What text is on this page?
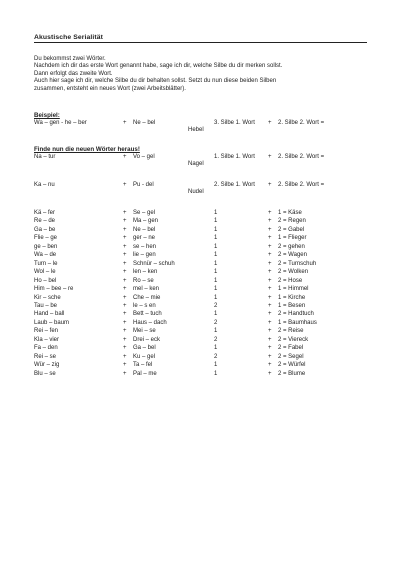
Akustische Serialität
Du bekommst zwei Wörter.
Nachdem ich dir das erste Wort genannt habe, sage ich dir, welche Silbe du dir merken sollst.
Dann erfolgt das zweite Wort.
Auch hier sage ich dir, welche Silbe du dir behalten sollst. Setzt du nun diese beiden Silben
zusammen, entsteht ein neues Wort (zwei Arbeitsblätter).
Beispiel:
Wa – gen - he – ber	+ Ne – bel	3. Silbe 1. Wort + 2. Silbe 2. Wort =
Hebel
Finde nun die neuen Wörter heraus!
Na – tur	+ Vo – gel	1. Silbe 1. Wort + 2. Silbe 2. Wort =
Nagel
Ka – nu	+ Pu - del	2. Silbe 1. Wort + 2. Silbe 2. Wort =
Nudel
Kä – fer	+ Se – gel	1	+ 1 = Käse
Re – de	+ Ma – gen	1	+ 2 = Regen
Ga – be	+ Ne – bel	1	+ 2 = Gabel
Flie – ge	+ ger – ne	1	+ 1 = Flieger
ge – ben	+ se – hen	1	+ 2 = gehen
Wa – de	+ lie – gen	1	+ 2 = Wagen
Turn – le	+ Schnür – schuh	1	+ 2 = Turnschuh
Wol – le	+ len – ken	1	+ 2 = Wolken
Ho – bel	+ Ro – se	1	+ 2 = Hose
Him – bee – re	+ mel – ken	1	+ 1 = Himmel
Kir – sche	+ Che – mie	1	+ 1 = Kirche
Tau – be	+ le – s en	2	+ 1 = Besen
Hand – ball	+ Bett – tuch	1	+ 2 = Handtuch
Laub – baum	+ Haus – dach	2	+ 1 = Baumhaus
Rei – fen	+ Mei – se	1	+ 2 = Reise
Kla – vier	+ Drei – eck	2	+ 2 = Viereck
Fa – den	+ Ga – bel	1	+ 2 = Fabel
Rei – se	+ Ku – gel	2	+ 2 = Segel
Wür – zig	+ Ta – fel	1	+ 2 = Würfel
Blu – se	+ Pal – me	1	+ 2 = Blume
